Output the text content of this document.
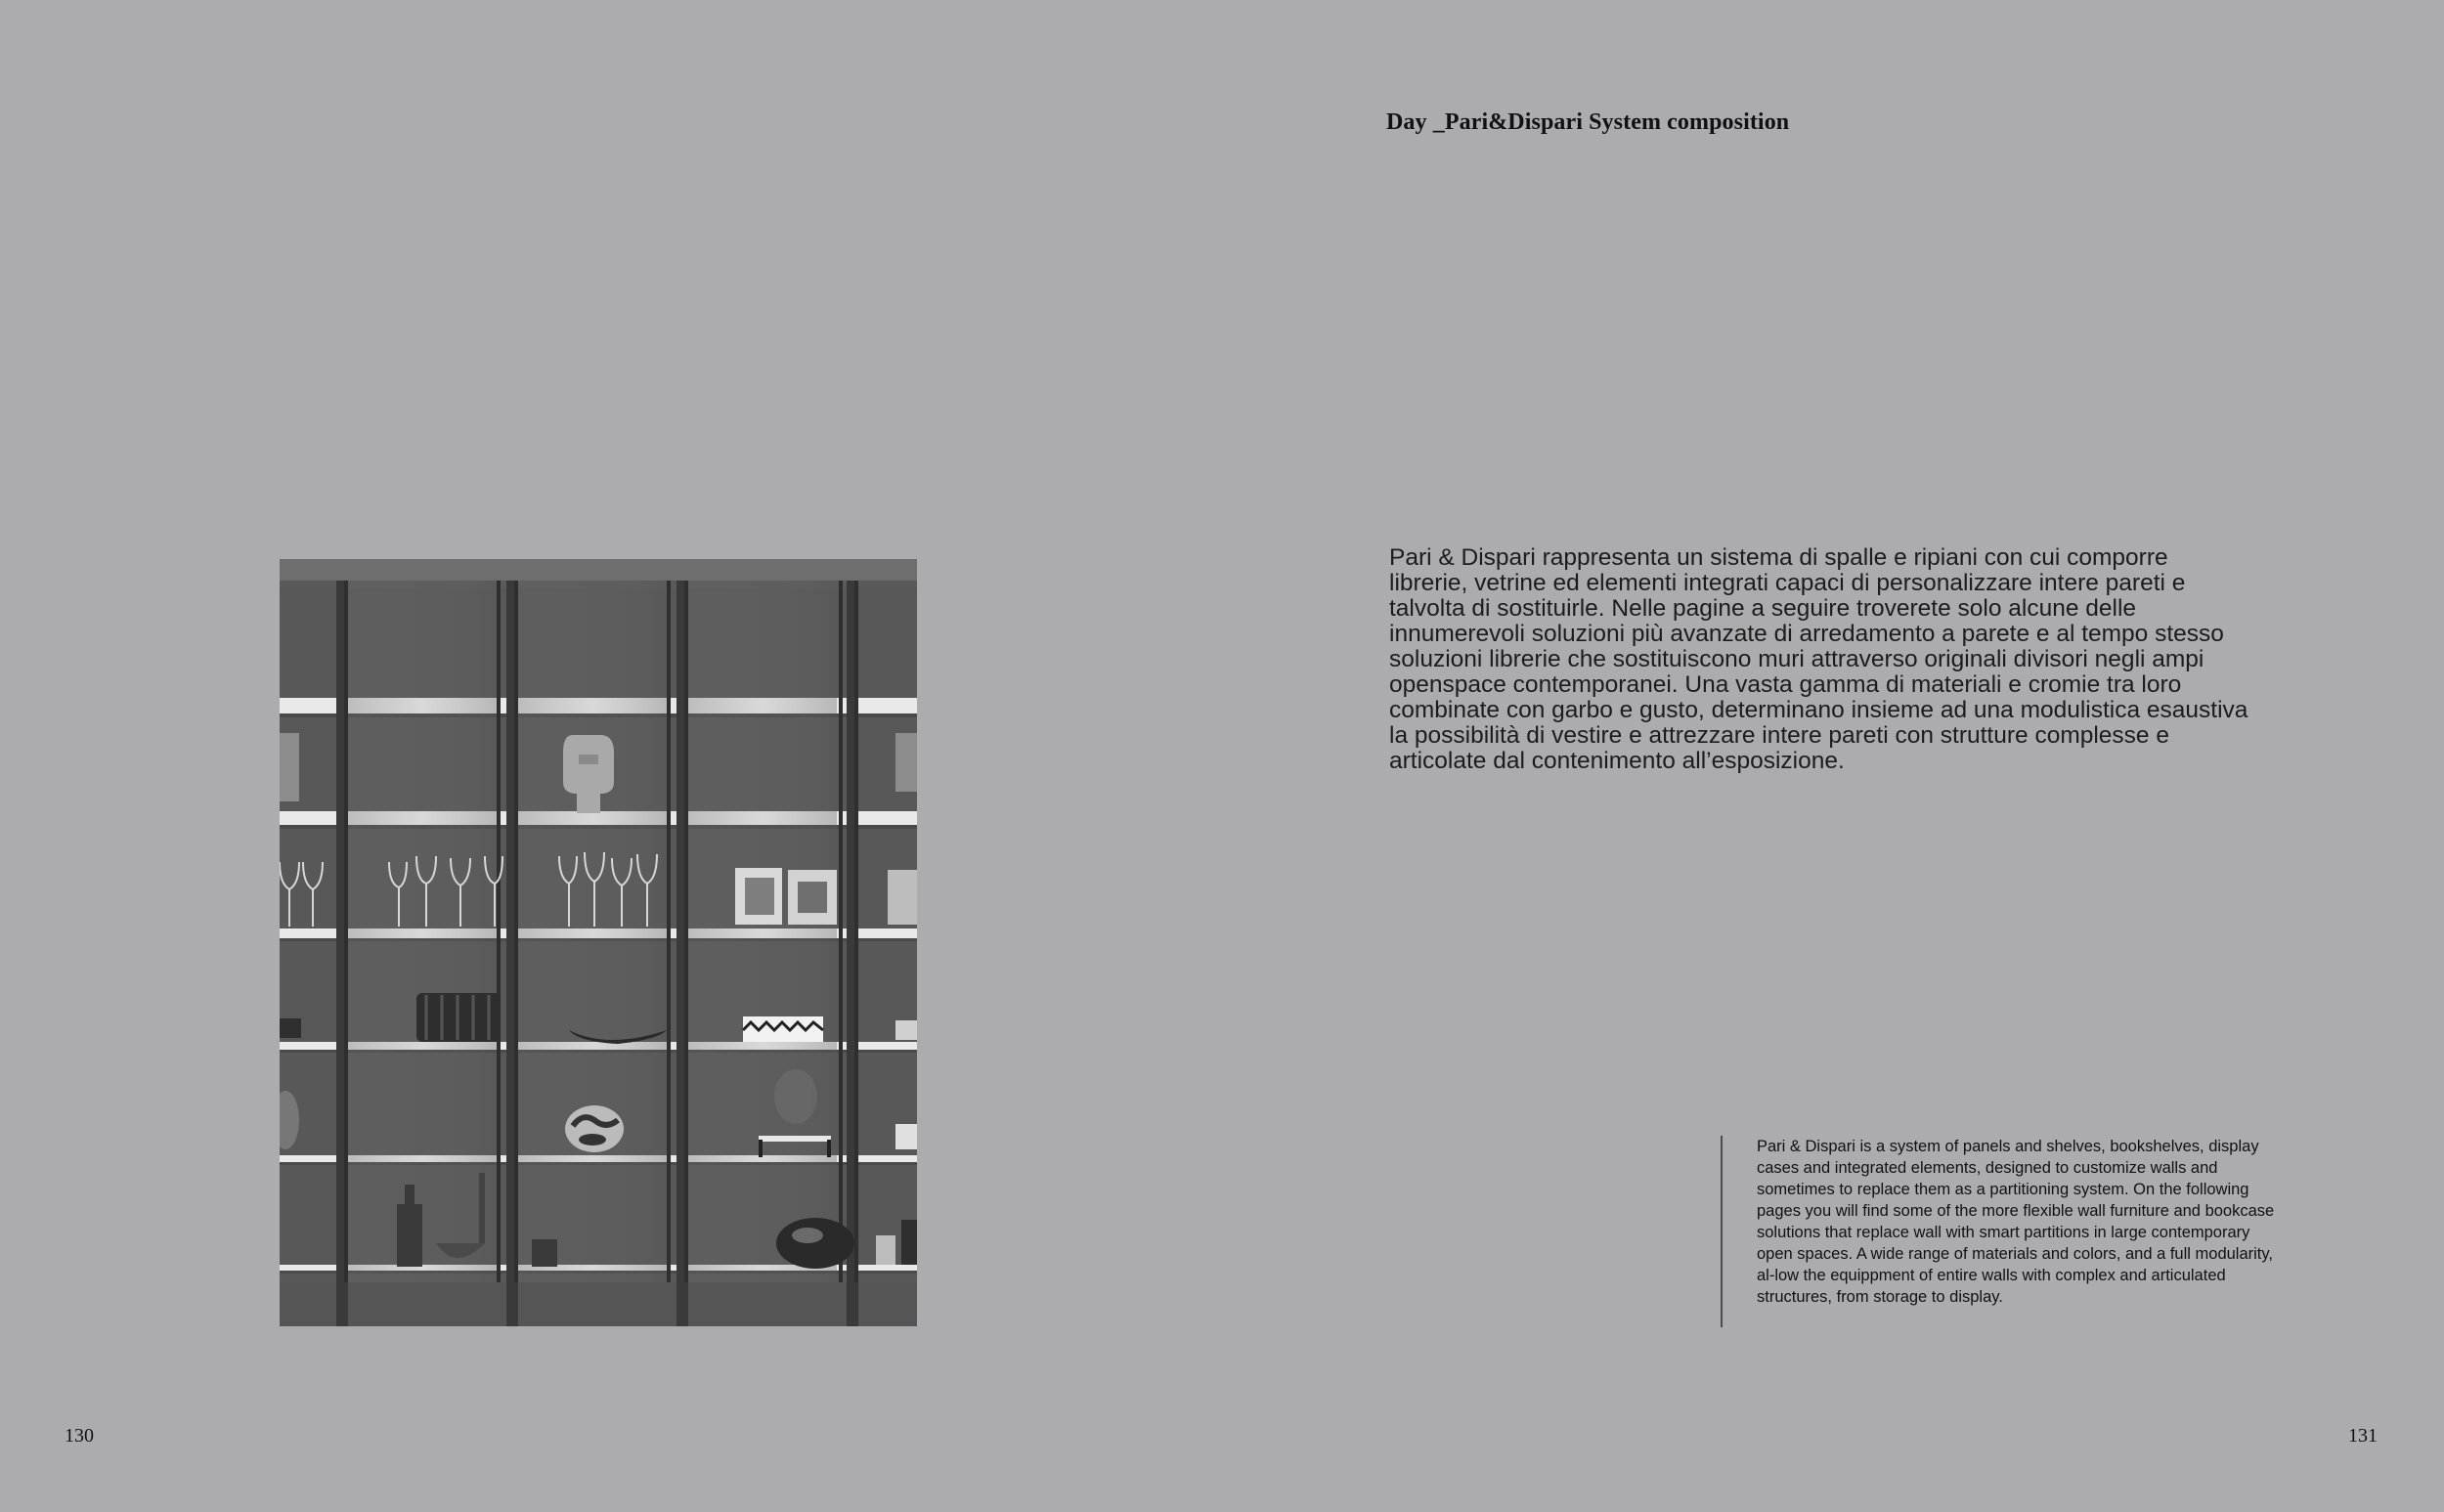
Day _Pari&Dispari System composition

Pari & Dispari rappresenta un sistema di spalle e ripiani con cui comporre librerie, vetrine ed elementi integrati capaci di personalizzare intere pareti e talvolta di sostituirle. Nelle pagine a seguire troverete solo alcune delle innumerevoli soluzioni più avanzate di arredamento a parete e al tempo stesso soluzioni librerie che sostituiscono muri attraverso originali divisori negli ampi openspace contemporanei. Una vasta gamma di materiali e cromie tra loro combinate con garbo e gusto, determinano insieme ad una modulistica esaustiva la possibilità di vestire e attrezzare intere pareti con strutture complesse e articolate dal contenimento all’esposizione.

Pari & Dispari is a system of panels and shelves, bookshelves, display cases and integrated elements, designed to customize walls and sometimes to replace them as a partitioning system. On the following pages you will find some of the more flexible wall furniture and bookcase solutions that replace wall with smart partitions in large contemporary open spaces. A wide range of materials and colors, and a full modularity, al-low the equippment of entire walls with complex and articulated structures, from storage to display.

130	131
